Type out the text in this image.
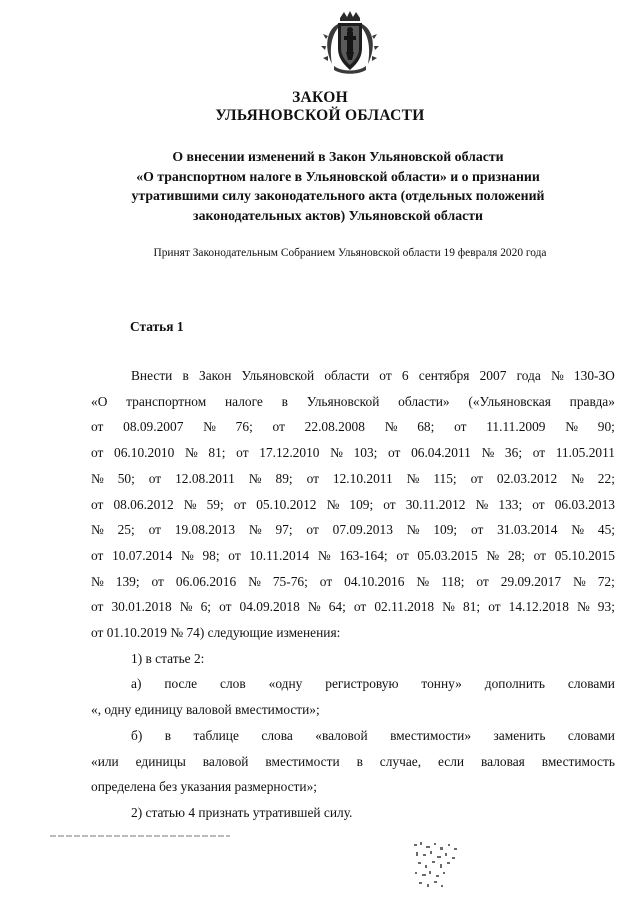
ЗАКОН
УЛЬЯНОВСКОЙ ОБЛАСТИ
О внесении изменений в Закон Ульяновской области
«О транспортном налоге в Ульяновской области» и о признании
утратившими силу законодательного акта (отдельных положений
законодательных актов) Ульяновской области
Принят Законодательным Собранием Ульяновской области 19 февраля 2020 года
Статья 1
Внести в Закон Ульяновской области от 6 сентября 2007 года № 130-ЗО
«О транспортном налоге в Ульяновской области» («Ульяновская правда»
от 08.09.2007 № 76; от 22.08.2008 № 68; от 11.11.2009 № 90;
от 06.10.2010 № 81; от 17.12.2010 № 103; от 06.04.2011 № 36; от 11.05.2011
№ 50; от 12.08.2011 № 89; от 12.10.2011 № 115; от 02.03.2012 № 22;
от 08.06.2012 № 59; от 05.10.2012 № 109; от 30.11.2012 № 133; от 06.03.2013
№ 25; от 19.08.2013 № 97; от 07.09.2013 № 109; от 31.03.2014 № 45;
от 10.07.2014 № 98; от 10.11.2014 № 163-164; от 05.03.2015 № 28; от 05.10.2015
№ 139; от 06.06.2016 № 75-76; от 04.10.2016 № 118; от 29.09.2017 № 72;
от 30.01.2018 № 6; от 04.09.2018 № 64; от 02.11.2018 № 81; от 14.12.2018 № 93;
от 01.10.2019 № 74) следующие изменения:
1) в статье 2:
а) после слов «одну регистровую тонну» дополнить словами
«, одну единицу валовой вместимости»;
б) в таблице слова «валовой вместимости» заменить словами
«или единицы валовой вместимости в случае, если валовая вместимость
определена без указания размерности»;
2) статью 4 признать утратившей силу.
